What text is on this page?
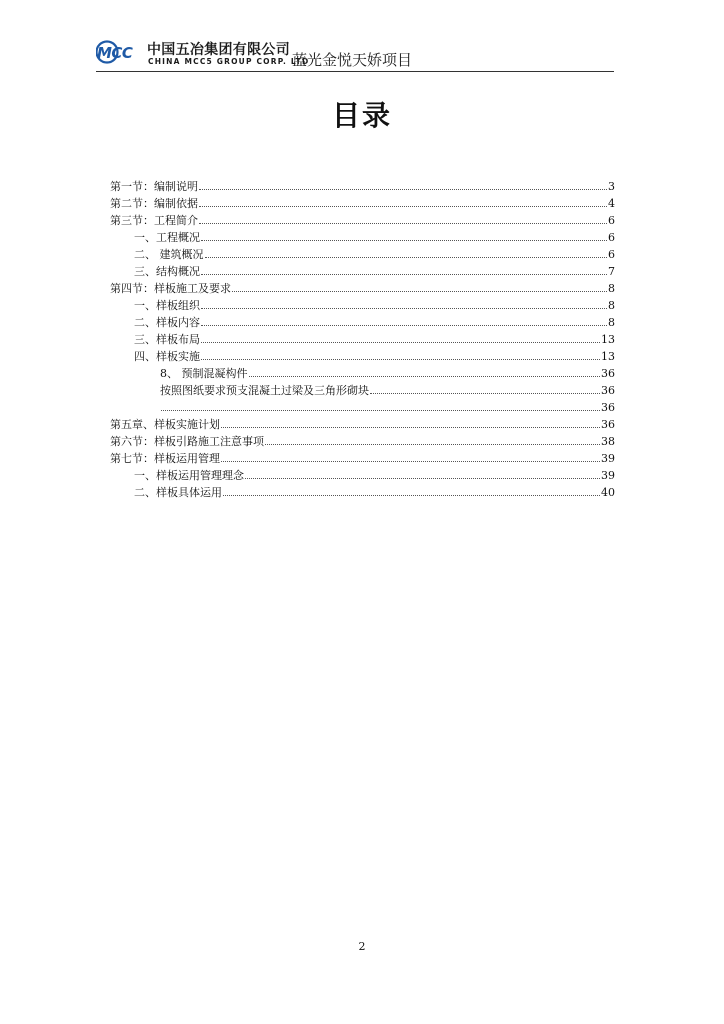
MCC 中国五冶集团有限公司
CHINA MCC5 GROUP CORP. LTD
蓝光金悦天娇项目
目录
第一节：编制说明	3
第二节：编制依据	4
第三节：工程简介	6
一、工程概况	6
二、 建筑概况	6
三、结构概况	7
第四节：样板施工及要求	8
一、样板组织	8
二、样板内容	8
三、样板布局	13
四、样板实施	13
8、 预制混凝构件	36
按照图纸要求预支混凝土过梁及三角形砌块	36
36
第五章、样板实施计划	36
第六节：样板引路施工注意事项	38
第七节：样板运用管理	39
一、样板运用管理理念	39
二、样板具体运用	40
2
